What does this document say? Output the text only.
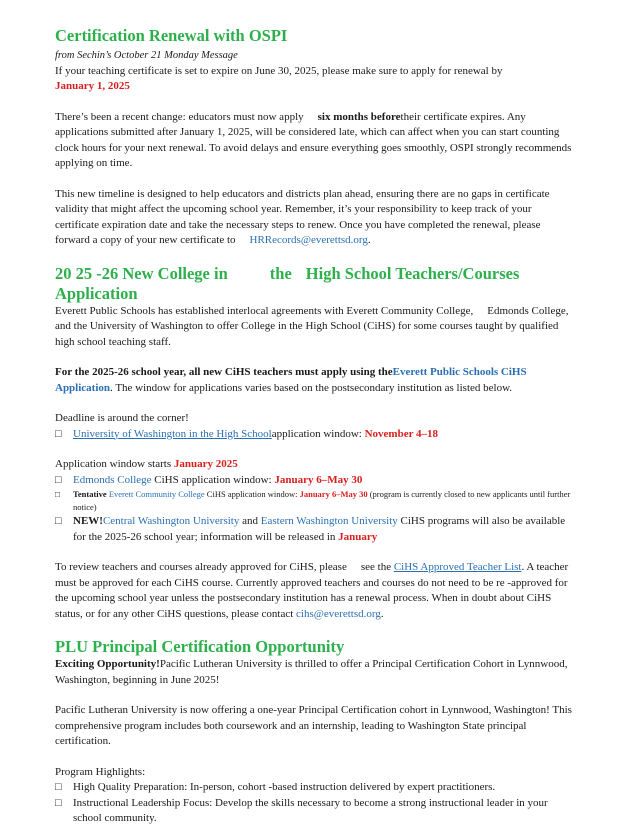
Certification Renewal with OSPI

from Sechin’s October 21 Monday Message

If your teaching certificate is set to expire on June 30, 2025, please make sure to apply for renewal by
January 1, 2025

There’s been a recent change: educators must now apply six months beforetheir certificate expires. Any applications submitted after January 1, 2025, will be considered late, which can affect when you can start counting clock hours for your next renewal. To avoid delays and ensure everything goes smoothly, OSPI strongly recommends applying on time.

This new timeline is designed to help educators and districts plan ahead, ensuring there are no gaps in certificate validity that might affect the upcoming school year. Remember, it’s your responsibility to keep track of your certificate expiration date and take the necessary steps to renew. Once you have completed the renewal, please forward a copy of your new certificate to HRRecords@everettsd.org.

20 25 -26 New College in	the High School Teachers/Courses
Application

Everett Public Schools has established interlocal agreements with Everett Community College, Edmonds College, and the University of Washington to offer College in the High School (CiHS) for some courses taught by qualified high school teaching staff.

For the 2025-26 school year, all new CiHS teachers must apply using theEverett Public Schools CiHS Application. The window for applications varies based on the postsecondary institution as listed below.

Deadline is around the corner!

□	University of Washington in the High Schoolapplication window: November 4–18

Application window starts January 2025

□	Edmonds College CiHS application window: January 6–May 30
□	Tentative Everett Community College CiHS application window: January 6–May 30 (program is currently closed to new applicants until further notice)
□	NEW!Central Washington University and Eastern Washington University CiHS programs will also be available for the 2025-26 school year; information will be released in January

To review teachers and courses already approved for CiHS, please see the CiHS Approved Teacher List. A teacher must be approved for each CiHS course. Currently approved teachers and courses do not need to be re -approved for the upcoming school year unless the postsecondary institution has a renewal process. When in doubt about CiHS status, or for any other CiHS questions, please contact cihs@everettsd.org.

PLU Principal Certification Opportunity

Exciting Opportunity!Pacific Lutheran University is thrilled to offer a Principal Certification Cohort in Lynnwood, Washington, beginning in June 2025!

Pacific Lutheran University is now offering a one-year Principal Certification cohort in Lynnwood, Washington! This comprehensive program includes both coursework and an internship, leading to Washington State principal certification.

Program Highlights:

□	High Quality Preparation: In-person, cohort -based instruction delivered by expert practitioners.
□	Instructional Leadership Focus: Develop the skills necessary to become a strong instructional leader in your school community.
